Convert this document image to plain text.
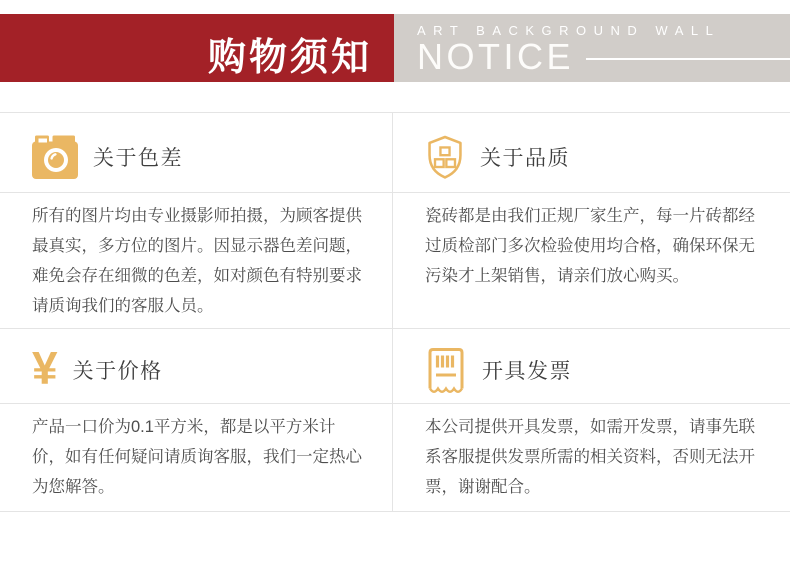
购物须知
ART BACKGROUND WALL
NOTICE
关于色差	关于品质

所有的图片均由专业摄影师拍摄，为顾客提供最真实，多方位的图片。因显示器色差问题，难免会存在细微的色差，如对颜色有特别要求请质询我们的客服人员。

瓷砖都是由我们正规厂家生产，每一片砖都经过质检部门多次检验使用均合格，确保环保无污染才上架销售，请亲们放心购买。

¥ 关于价格	开具发票

产品一口价为0.1平方米，都是以平方米计价，如有任何疑问请质询客服，我们一定热心为您解答。

本公司提供开具发票，如需开发票，请事先联系客服提供发票所需的相关资料，否则无法开票，谢谢配合。
